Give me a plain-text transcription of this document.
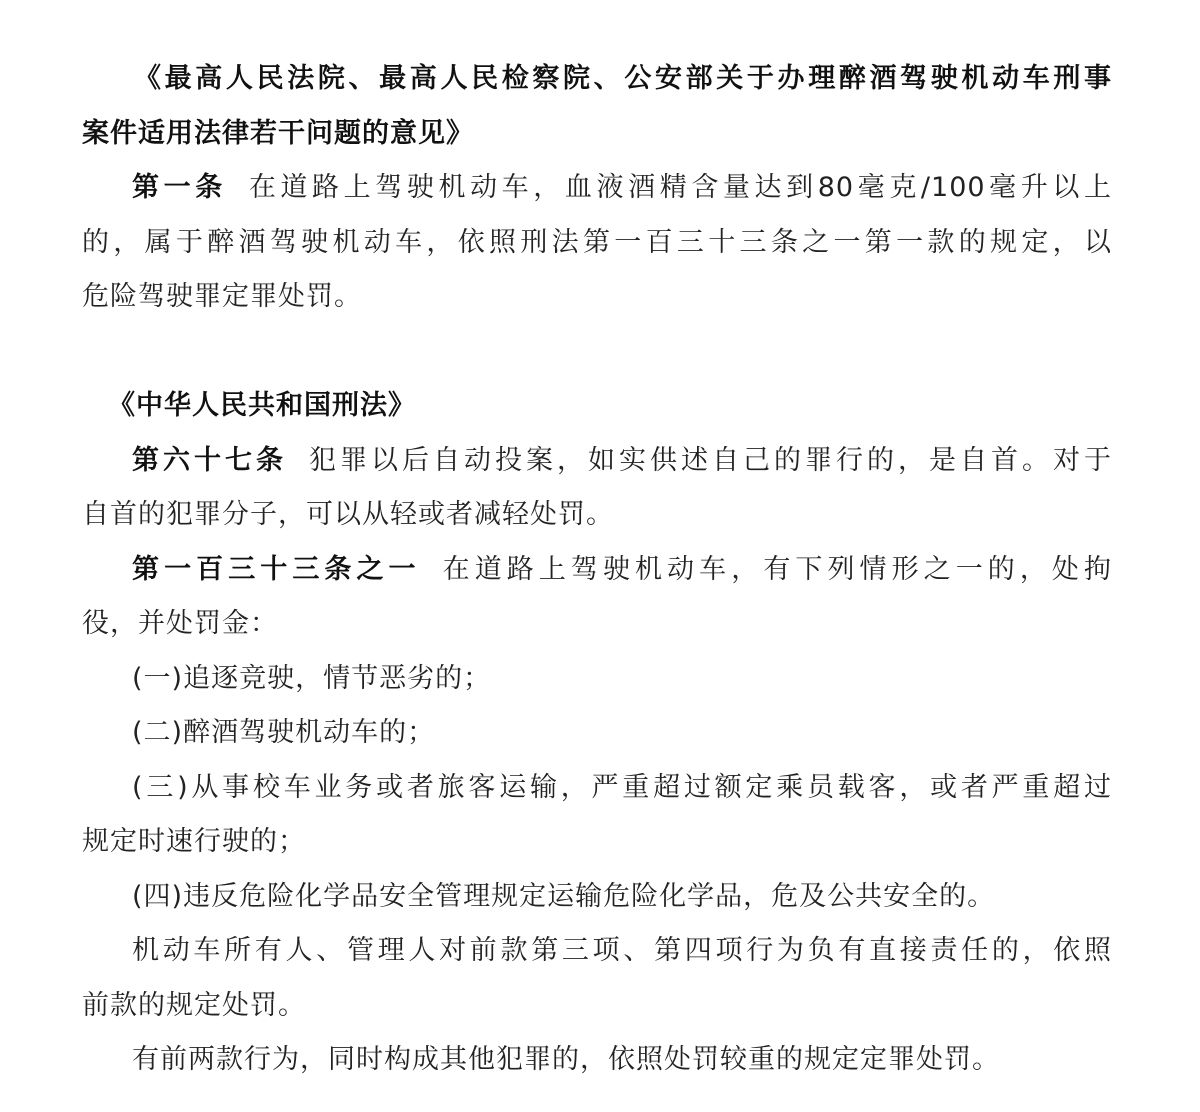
《最高人民法院、最高人民检察院、公安部关于办理醉酒驾驶机动车刑事

案件适用法律若干问题的意见》

第一条 在道路上驾驶机动车，血液酒精含量达到80毫克/100毫升以上

的，属于醉酒驾驶机动车，依照刑法第一百三十三条之一第一款的规定，以

危险驾驶罪定罪处罚。

《中华人民共和国刑法》

第六十七条 犯罪以后自动投案，如实供述自己的罪行的，是自首。对于

自首的犯罪分子，可以从轻或者减轻处罚。

第一百三十三条之一 在道路上驾驶机动车，有下列情形之一的，处拘

役，并处罚金：

(一)追逐竞驶，情节恶劣的；

(二)醉酒驾驶机动车的；

(三)从事校车业务或者旅客运输，严重超过额定乘员载客，或者严重超过

规定时速行驶的；

(四)违反危险化学品安全管理规定运输危险化学品，危及公共安全的。

机动车所有人、管理人对前款第三项、第四项行为负有直接责任的，依照

前款的规定处罚。

有前两款行为，同时构成其他犯罪的，依照处罚较重的规定定罪处罚。
